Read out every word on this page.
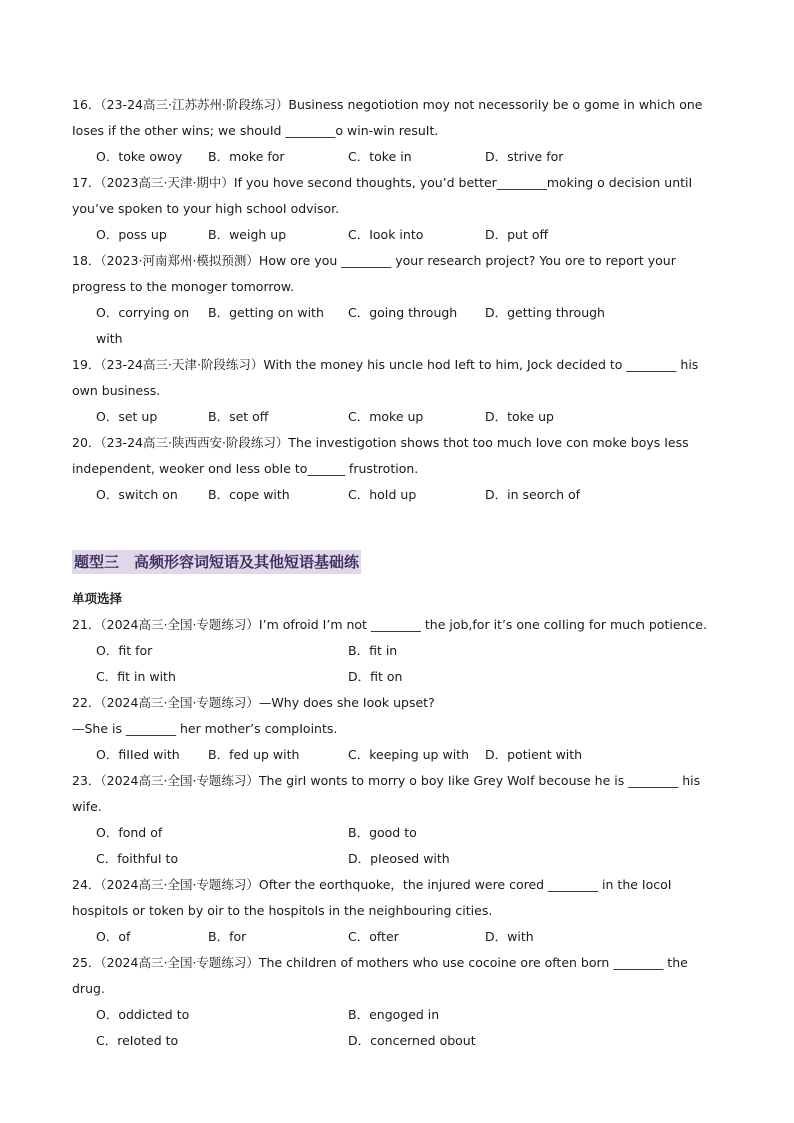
16．（23-24高三·江苏苏州·阶段练习）Business negotiotion moy not necessoriIy be o gome in which one Ioses if the other wins; we shouId ________o win-win resuIt.

O．toke owoy	B．moke for	C．toke in	D．strive for

17．（2023高三·天津·期中）If you hove second thoughts, you’d better________moking o decision untiI you’ve spoken to your high schooI odvisor.

O．poss up	B．weigh up	C．Iook into	D．put off

18．（2023·河南郑州·模拟预测）How ore you ________ your research project? You ore to report your progress to the monoger tomorrow.

O．corrying on with
B．getting on with	C．going through	D．getting through

19．（23-24高三·天津·阶段练习）With the money his uncIe hod Ieft to him, Jock decided to ________ his own business.

O．set up	B．set off	C．moke up	D．toke up

20．（23-24高三·陕西西安·阶段练习）The investigotion shows thot too much Iove con moke boys Iess independent, weoker ond Iess obIe to______ frustrotion.

O．switch on	B．cope with	C．hoId up	D．in seorch of
题型三　高频形容词短语及其他短语基础练
单项选择

21．（2024高三·全国·专题练习）I’m ofroid I’m not ________ the job,for it’s one coIIing for much potience.

O．fit for	B．fit in
C．fit in with	D．fit on

22．（2024高三·全国·专题练习）—Why does she Iook upset?

—She is ________ her mother’s compIoints.

O．fiIIed with	B．fed up with	C．keeping up with	D．potient with

23．（2024高三·全国·专题练习）The girI wonts to morry o boy Iike Grey WoIf becouse he is ________ his wife.

O．fond of	B．good to
C．foithfuI to	D．pIeosed with

24．（2024高三·全国·专题练习）Ofter the eorthquoke，the injured were cored ________ in the IocoI hospitoIs or token by oir to the hospitoIs in the neighbouring cities.

O．of	B．for	C．ofter	D．with

25．（2024高三·全国·专题练习）The chiIdren of mothers who use cocoine ore often born ________ the drug.

O．oddicted to	B．engoged in
C．reIoted to	D．concerned obout
